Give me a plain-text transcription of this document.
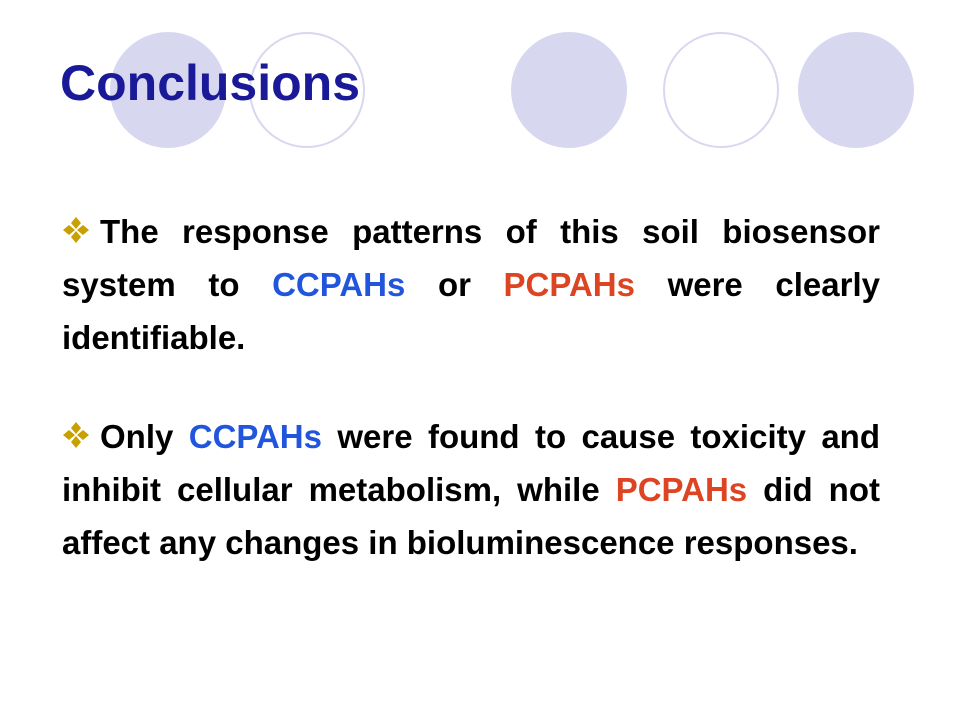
Conclusions

The response patterns of this soil biosensor system to CCPAHs or PCPAHs were clearly identifiable.

Only CCPAHs were found to cause toxicity and inhibit cellular metabolism, while PCPAHs did not affect any changes in bioluminescence responses.
